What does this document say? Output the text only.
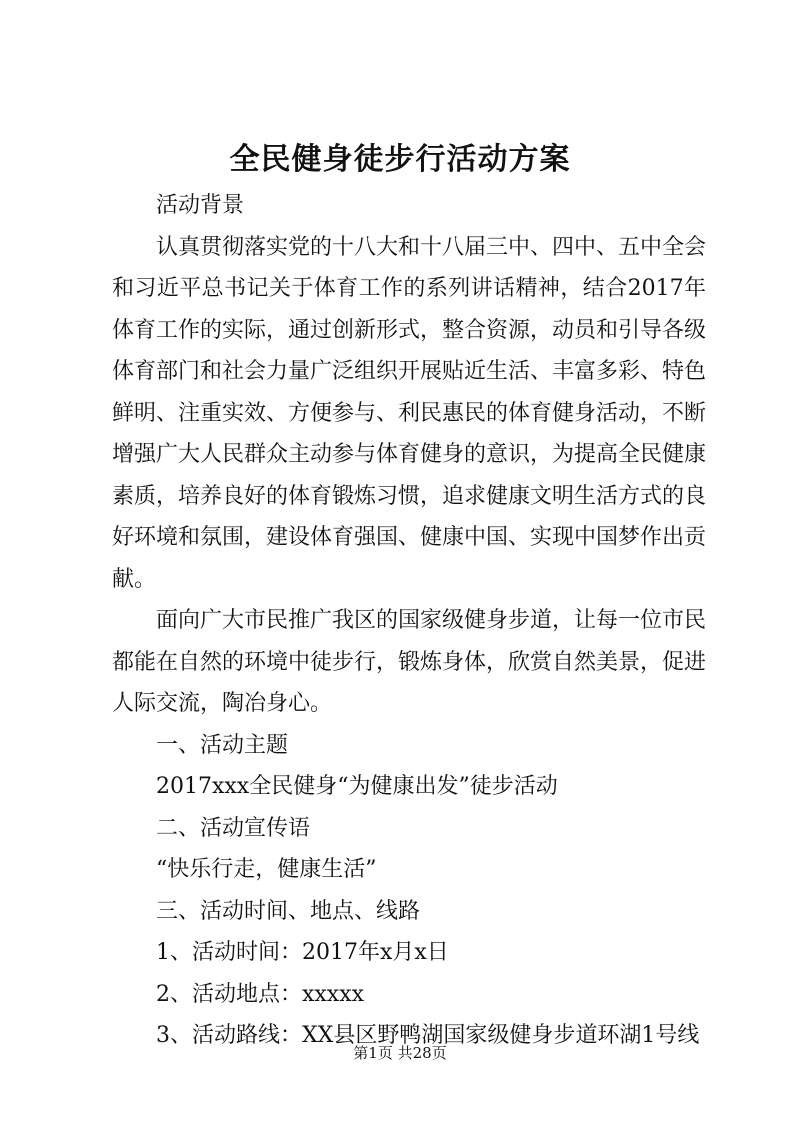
全民健身徒步行活动方案

活动背景

认真贯彻落实党的十八大和十八届三中、四中、五中全会和习近平总书记关于体育工作的系列讲话精神，结合2017年体育工作的实际，通过创新形式，整合资源，动员和引导各级体育部门和社会力量广泛组织开展贴近生活、丰富多彩、特色鲜明、注重实效、方便参与、利民惠民的体育健身活动，不断增强广大人民群众主动参与体育健身的意识，为提高全民健康素质，培养良好的体育锻炼习惯，追求健康文明生活方式的良好环境和氛围，建设体育强国、健康中国、实现中国梦作出贡献。

面向广大市民推广我区的国家级健身步道，让每一位市民都能在自然的环境中徒步行，锻炼身体，欣赏自然美景，促进人际交流，陶冶身心。

一、活动主题

2017xxx全民健身“为健康出发”徒步活动

二、活动宣传语

“快乐行走，健康生活”

三、活动时间、地点、线路

1、活动时间：2017年x月x日

2、活动地点：xxxxx

3、活动路线：XX县区野鸭湖国家级健身步道环湖1号线

第1页 共28页
